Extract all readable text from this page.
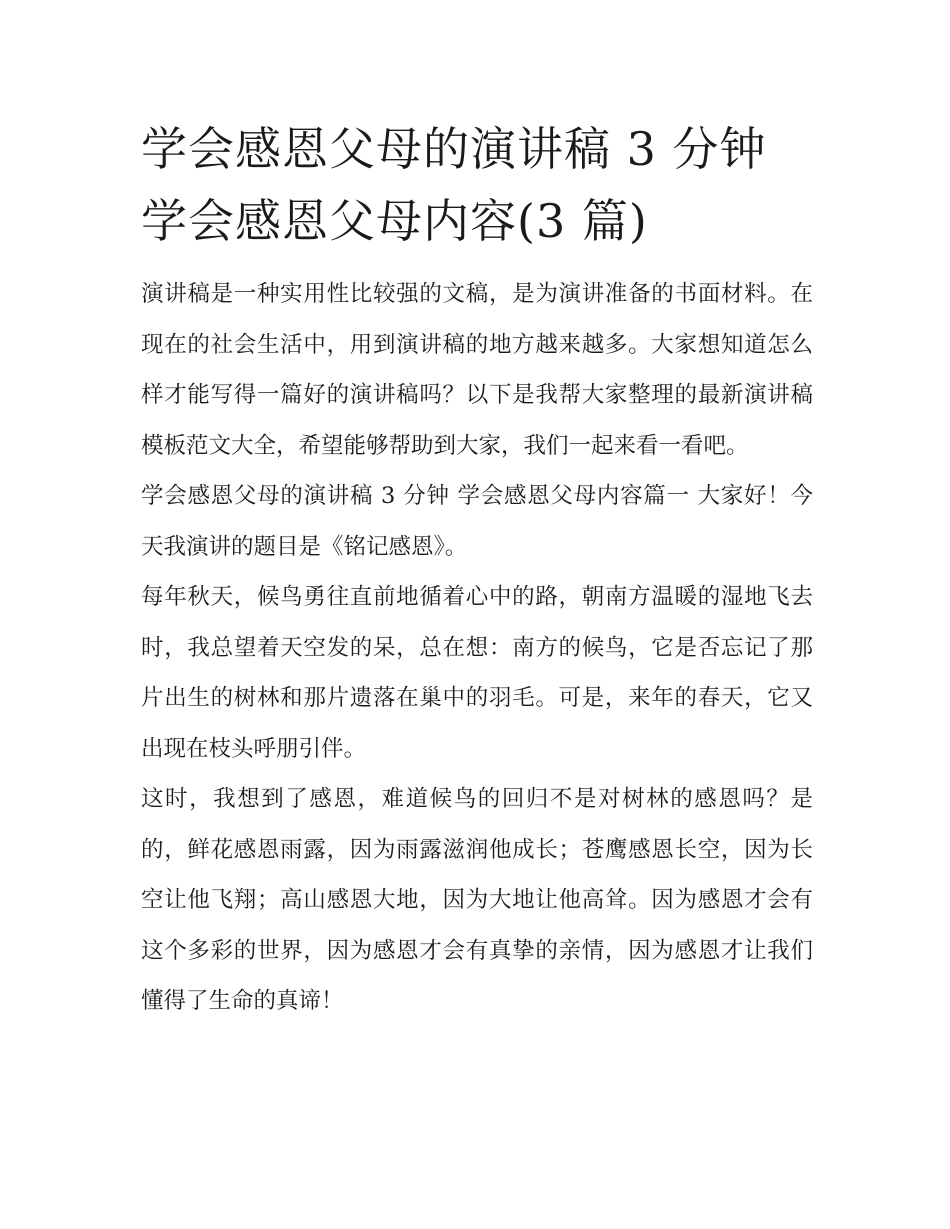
学会感恩父母的演讲稿 3 分钟
学会感恩父母内容(3 篇)

演讲稿是一种实用性比较强的文稿，是为演讲准备的书面材料。在现在的社会生活中，用到演讲稿的地方越来越多。大家想知道怎么样才能写得一篇好的演讲稿吗？以下是我帮大家整理的最新演讲稿模板范文大全，希望能够帮助到大家，我们一起来看一看吧。

学会感恩父母的演讲稿 3 分钟 学会感恩父母内容篇一 大家好！今天我演讲的题目是《铭记感恩》。

每年秋天，候鸟勇往直前地循着心中的路，朝南方温暖的湿地飞去时，我总望着天空发的呆，总在想：南方的候鸟，它是否忘记了那片出生的树林和那片遗落在巢中的羽毛。可是，来年的春天，它又出现在枝头呼朋引伴。

这时，我想到了感恩，难道候鸟的回归不是对树林的感恩吗？是的，鲜花感恩雨露，因为雨露滋润他成长；苍鹰感恩长空，因为长空让他飞翔；高山感恩大地，因为大地让他高耸。因为感恩才会有这个多彩的世界，因为感恩才会有真挚的亲情，因为感恩才让我们懂得了生命的真谛！
